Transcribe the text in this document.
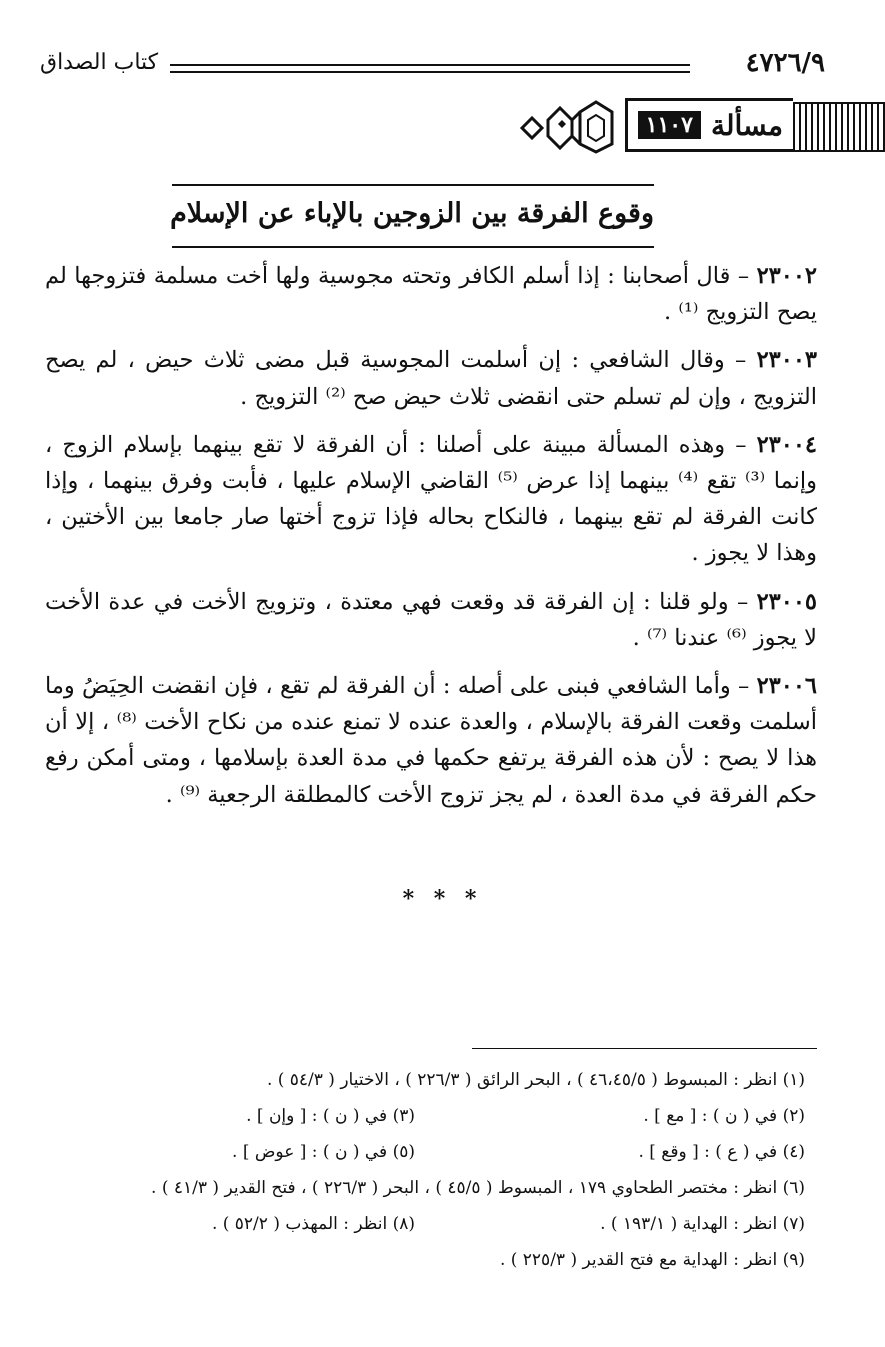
٤٧٢٦/٩
كتاب الصداق
مسألة
١١٠٧
وقوع الفرقة بين الزوجين بالإباء عن الإسلام

٢٣٠٠٢ – قال أصحابنا : إذا أسلم الكافر وتحته مجوسية ولها أخت مسلمة فتزوجها لم يصح التزويج ⁽¹⁾ .

٢٣٠٠٣ – وقال الشافعي : إن أسلمت المجوسية قبل مضى ثلاث حيض ، لم يصح التزويج ، وإن لم تسلم حتى انقضى ثلاث حيض صح ⁽²⁾ التزويج .

٢٣٠٠٤ – وهذه المسألة مبينة على أصلنا : أن الفرقة لا تقع بينهما بإسلام الزوج ، وإنما ⁽³⁾ تقع ⁽⁴⁾ بينهما إذا عرض ⁽⁵⁾ القاضي الإسلام عليها ، فأبت وفرق بينهما ، وإذا كانت الفرقة لم تقع بينهما ، فالنكاح بحاله فإذا تزوج أختها صار جامعا بين الأختين ، وهذا لا يجوز .

٢٣٠٠٥ – ولو قلنا : إن الفرقة قد وقعت فهي معتدة ، وتزويج الأخت في عدة الأخت لا يجوز ⁽⁶⁾ عندنا ⁽⁷⁾ .

٢٣٠٠٦ – وأما الشافعي فبنى على أصله : أن الفرقة لم تقع ، فإن انقضت الحِيَضُ وما أسلمت وقعت الفرقة بالإسلام ، والعدة عنده لا تمنع عنده من نكاح الأخت ⁽⁸⁾ ، إلا أن هذا لا يصح : لأن هذه الفرقة يرتفع حكمها في مدة العدة بإسلامها ، ومتى أمكن رفع حكم الفرقة في مدة العدة ، لم يجز تزوج الأخت كالمطلقة الرجعية ⁽⁹⁾ .

* * *
(١) انظر : المبسوط ( ٤٦،٤٥/٥ ) ، البحر الرائق ( ٢٢٦/٣ ) ، الاختيار ( ٥٤/٣ ) .
(٢) في ( ن ) : [ مع ] .
(٣) في ( ن ) : [ وإن ] .
(٤) في ( ع ) : [ وقع ] .
(٥) في ( ن ) : [ عوض ] .
(٦) انظر : مختصر الطحاوي ١٧٩ ، المبسوط ( ٤٥/٥ ) ، البحر ( ٢٢٦/٣ ) ، فتح القدير ( ٤١/٣ ) .
(٧) انظر : الهداية ( ١٩٣/١ ) .
(٨) انظر : المهذب ( ٥٢/٢ ) .
(٩) انظر : الهداية مع فتح القدير ( ٢٢٥/٣ ) .
